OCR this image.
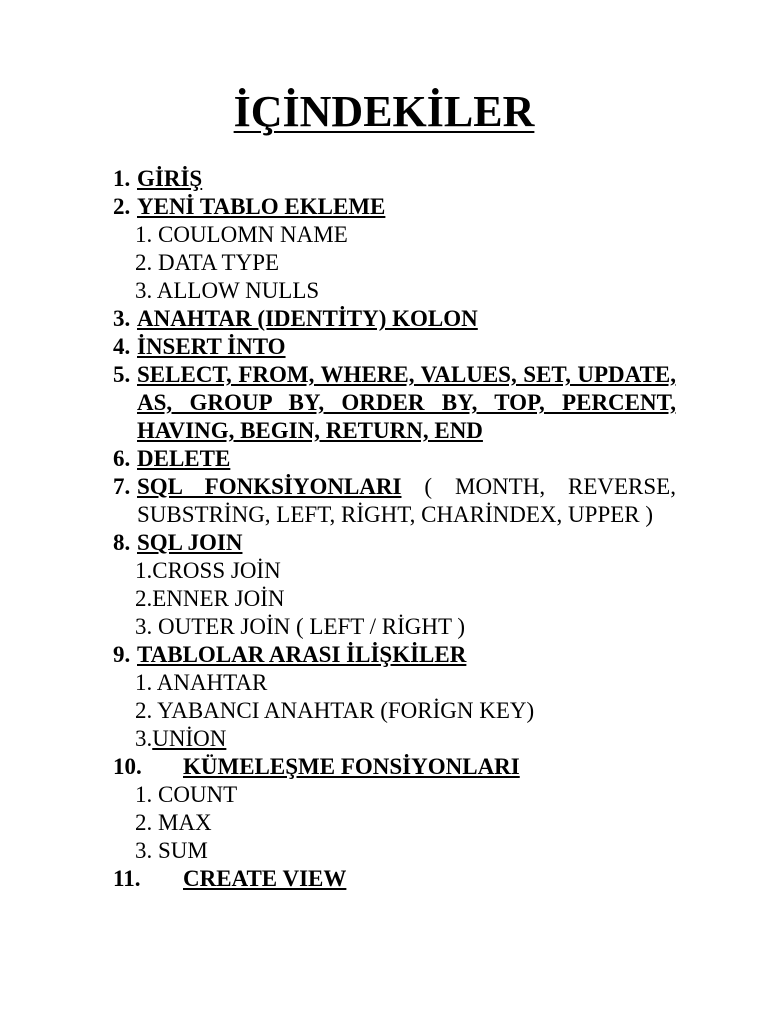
İÇİNDEKİLER
1. GİRİŞ
2. YENİ TABLO EKLEME
1. COULOMN NAME
2. DATA TYPE
3. ALLOW NULLS
3. ANAHTAR (IDENTİTY) KOLON
4. İNSERT İNTO
5. SELECT, FROM, WHERE, VALUES, SET, UPDATE, AS, GROUP BY, ORDER BY, TOP, PERCENT, HAVING, BEGIN, RETURN, END
6. DELETE
7. SQL FONKSİYONLARI ( MONTH, REVERSE, SUBSTRİNG, LEFT, RİGHT, CHARİNDEX, UPPER )
8. SQL JOIN
1.CROSS JOİN
2.ENNER JOİN
3. OUTER JOİN ( LEFT / RİGHT )
9. TABLOLAR ARASI İLİŞKİLER
1. ANAHTAR
2. YABANCI ANAHTAR (FORİGN KEY)
3.UNİON
10. KÜMELEŞME FONSİYONLARI
1. COUNT
2. MAX
3. SUM
11. CREATE VIEW
